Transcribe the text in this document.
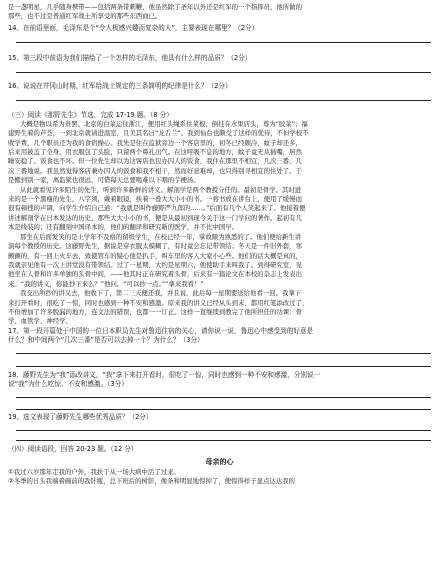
是一盏明星，几乎随身携带——包括两条带刺鞭，他虽然除了圣年以外还是红军的一个指挥员，他所做的

那些，也不过是普通红军战士所享受的那些东西而已。

14、在前语里面，毛泽东是个“令人极感兴趣而复杂的人”，主要表现在哪里？（2分）

15、第三段中前语为我们描绘了一个怎样的毛泽东，他具有什么样的品质？（2分）

16、说说在井冈山时期，红军给战士规定的三条简明的纪律是什么？（2分）

（三）阅读《那野先生》节选，完成 17-19 题。（8 分）

大概是物以希为贵罢。北京的白菜运往浙江，便用红头绳系住菜根，倒挂在水果店头，尊为“胶菜”；福

建野生着的芦荟，一到北京就请进温室，且美其名曰“龙舌兰”。我到仙台也颇受了这样的优待，不但学校不

收学费，几个职员还为我的食宿操心。我先是住在监狱旁边一个客店里的，初冬已经颇冷，蚊子却还多，

后来用被盖了全身，用衣服包了头脸，只留两个鼻孔出气。在这呼吸不息的地方，蚊子竟无从插嘴，居然

睡安稳了。饭食也不坏。但一位先生却以为这客店也包办囚人的饭食，我住在那里不相宜，几次三番，几

次三番地说。我虽然觉得客店兼办囚人的饭食和我不相干，然而好意难却，也只得别寻相宜的住处了。于

是搬到别一家，离监狱也很远，可惜每天总要喝难以下咽的芋梗汤。

从此就看见许多陌生的先生，听到许多新鲜的讲义。解剖学是两个教授分任的。最初是骨学。其时进

来的是一个黑瘦的先生，八字须，戴着眼镜，挟着一叠大大小小的书。一将书放在讲台上，便用了缓慢而

很有顿挫的声调，向学生介绍自己道：“我就是叫作藤野严九郎的……。”后面有几个人笑起来了。他接着便

讲述解剖学在日本发达的历史，那些大大小小的书，便是从最初到现今关于这一门学问的著作。起初有几

本是线装的；还有翻刻中国译本的，他们的翻译和研究新的医学，并不比中国早。

那坐在后面发笑的是上学年不及格的留级学生，在校已经一年，掌故颇为熟悉的了。他们便给新生讲

演每个教授的历史。这藤野先生，据说是穿衣服太模糊了，有时竟会忘记带领结；冬天是一件旧外套，寒

颤颤的，有一回上火车去，致使管车的疑心他是扒手，叫车里的客人大家小心些。他们的话大概是真的，

我就亲见他有一次上讲堂没有带领结。过了一星期，大约是星期六，他使助手来叫我了。到得研究室，见

他坐在人骨和许多单独的头骨中间，——他其时正在研究着头骨，后来有一篇论文在本校的杂志上发表出

来。“我的讲义，你能抄下来么？”他问。“可以抄一点。”“拿来我看！”

我交出所抄的讲义去，他收下了，第二三天便还我，并且说，此后每一星期要送给他看一回。我拿下

来打开看时，很吃了一惊，同时也感到一种不安和感激。原来我的讲义已经从头到末，都用红笔添改过了，

不但增加了许多脱漏的地方，连文法的错误，也都一一订正。这样一直继续到教完了他所担任的功课：骨

学、血管学、神经学。

17、第一段开篇处于中国的一位日本职员先生对鲁迅住宿的关心，请你说一说，鲁迅心中感受到的好意是

什么？和中间两个“几次三番”是否可以去掉一个？为什么？（3分）

18、藤野先生为“我”添改讲义，“我”拿下来打开看时，很吃了一惊，同时也感到一种不安和感激，分别说一

说“我”为什么吃惊、不安和感激。（3分）

19、选文表现了藤野先生哪些优秀品质？（2分）

（四）阅读语段，回答 20-23 题。（12 分）

母亲的心

①我过六岁那年走我的户外，我扶于从一场大病中活了过来。

②冬季的日头我端着碗前的我针瓶，总下班后的树影，像条和明显地惊掉了，便惊得样子显点达达我的
